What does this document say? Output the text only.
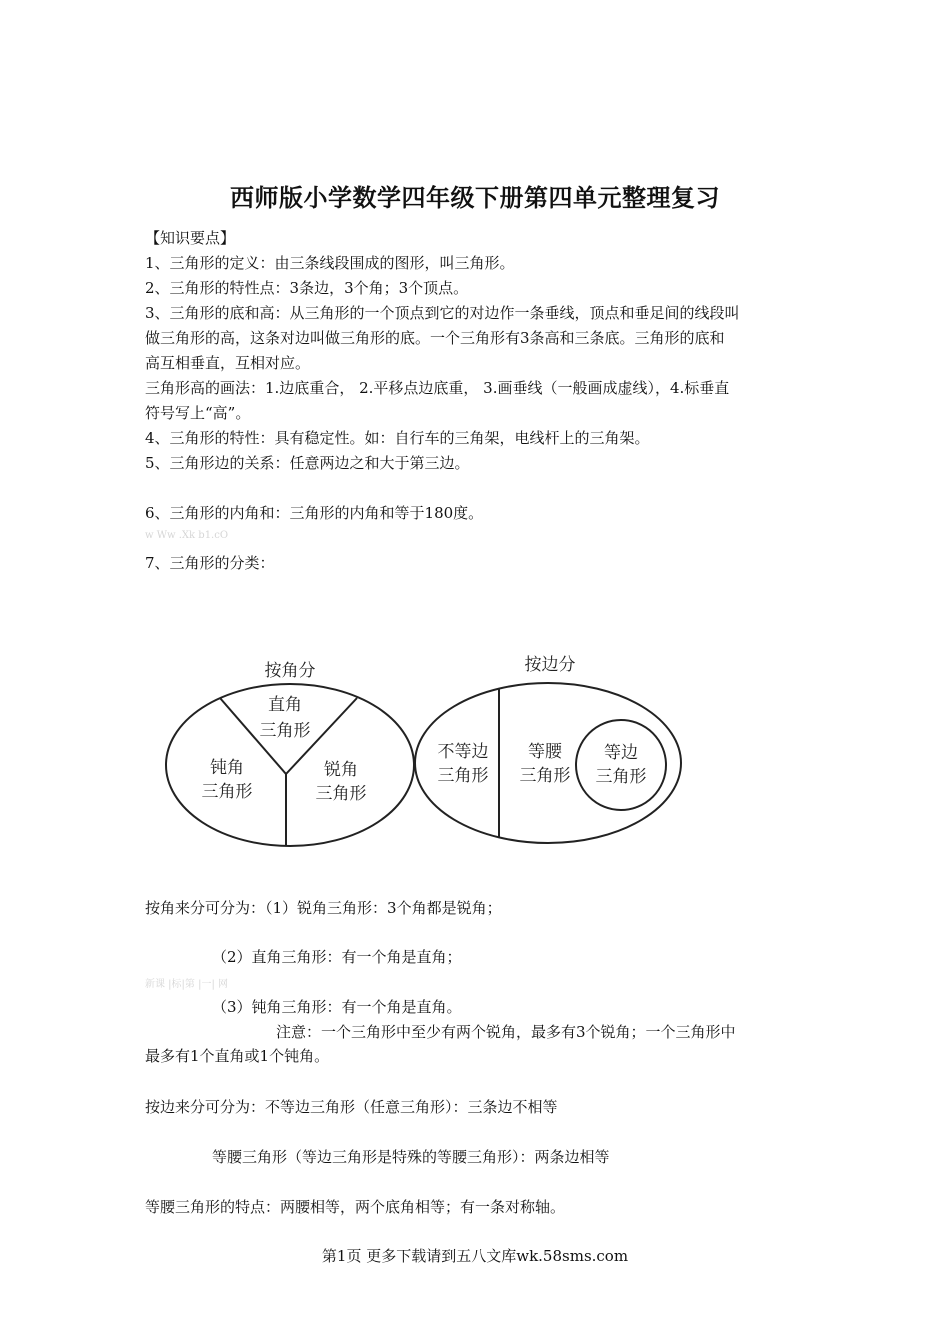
西师版小学数学四年级下册第四单元整理复习
【知识要点】
1、三角形的定义：由三条线段围成的图形，叫三角形。
2、三角形的特性点：3条边，3个角；3个顶点。
3、三角形的底和高：从三角形的一个顶点到它的对边作一条垂线，顶点和垂足间的线段叫
做三角形的高，这条对边叫做三角形的底。一个三角形有3条高和三条底。三角形的底和
高互相垂直，互相对应。
三角形高的画法：1.边底重合， 2.平移点边底重， 3.画垂线（一般画成虚线），4.标垂直
符号写上“高”。
4、三角形的特性：具有稳定性。如：自行车的三角架，电线杆上的三角架。
5、三角形边的关系：任意两边之和大于第三边。
6、三角形的内角和：三角形的内角和等于180度。
w Ww .Xk b1.cO
7、三角形的分类：
按角分
直角
三角形
钝角
三角形
锐角
三角形
按边分
不等边
三角形
等腰
三角形
等边
三角形
按角来分可分为：（1）锐角三角形：3个角都是锐角；
（2）直角三角形：有一个角是直角；
新课 |标|第 |一| 网
（3）钝角三角形：有一个角是直角。
注意：一个三角形中至少有两个锐角，最多有3个锐角；一个三角形中
最多有1个直角或1个钝角。
按边来分可分为：不等边三角形（任意三角形）：三条边不相等
等腰三角形（等边三角形是特殊的等腰三角形）：两条边相等
等腰三角形的特点：两腰相等，两个底角相等；有一条对称轴。
第1页 更多下载请到五八文库wk.58sms.com
